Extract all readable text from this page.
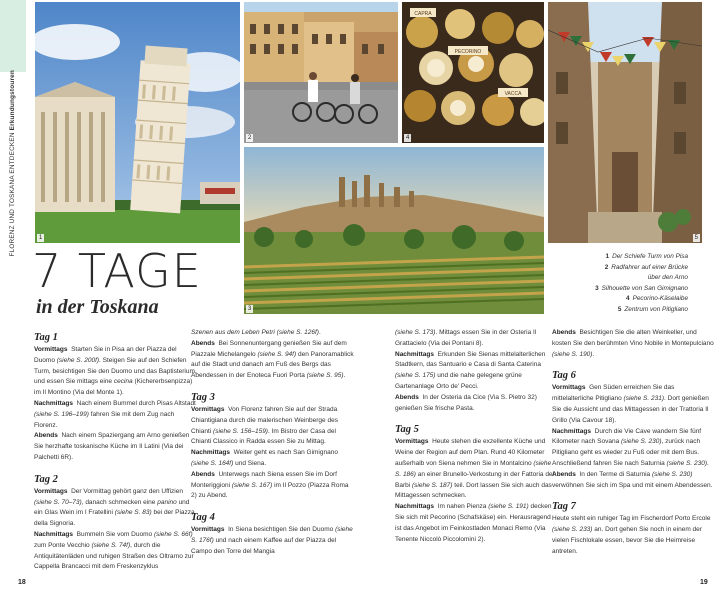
FLORENZ UND TOSKANA ENTDECKEN Erkundungstouren
1
2
3
CAPRA
PECORINO
VACCA
4
5
7 TAGE
in der Toskana
1 Der Schiefe Turm von Pisa
2 Radfahrer auf einer Brücke
über den Arno
3 Silhouette von San Gimignano
4 Pecorino-Käselaibe
5 Zentrum von Pitigliano
Tag 1

Vormittags Starten Sie in Pisa an der Piazza del Duomo (siehe S. 200f). Steigen Sie auf den Schiefen Turm, besichtigen Sie den Duomo und das Baptisterium, und essen Sie mittags eine cecina (Kichererbsenpizza) im Il Montino (Via del Monte 1).

Nachmittags Nach einem Bummel durch Pisas Altstadt (siehe S. 196–199) fahren Sie mit dem Zug nach Florenz.

Abends Nach einem Spaziergang am Arno genießen Sie herzhafte toskanische Küche im Il Latini (Via dei Palchetti 6R).

Tag 2

Vormittags Der Vormittag gehört ganz den Uffizien (siehe S. 70–73), danach schmecken eine panino und ein Glas Wein im I Fratellini (siehe S. 83) bei der Piazza della Signoria.

Nachmittags Bummeln Sie vom Duomo (siehe S. 66f) zum Ponte Vecchio (siehe S. 74f), durch die Antiquitätenläden und ruhigen Straßen des Oltrarno zur Cappella Brancacci mit dem Freskenzyklus

Szenen aus dem Leben Petri (siehe S. 126f).

Abends Bei Sonnenuntergang genießen Sie auf dem Piazzale Michelangelo (siehe S. 94f) den Panoramablick auf die Stadt und danach am Fuß des Bergs das Abendessen in der Enoteca Fuori Porta (siehe S. 95).

Tag 3

Vormittags Von Florenz fahren Sie auf der Strada Chiantigiana durch die malerischen Weinberge des Chianti (siehe S. 156–159). Im Bistro der Casa del Chianti Classico in Radda essen Sie zu Mittag.

Nachmittags Weiter geht es nach San Gimignano (siehe S. 164f) und Siena.

Abends Unterwegs nach Siena essen Sie im Dorf Monteriggioni (siehe S. 167) im Il Pozzo (Piazza Roma 2) zu Abend.

Tag 4

Vormittags In Siena besichtigen Sie den Duomo (siehe S. 176f) und nach einem Kaffee auf der Piazza del Campo den Torre del Mangia

(siehe S. 173). Mittags essen Sie in der Osteria Il Grattacielo (Via dei Pontani 8).

Nachmittags Erkunden Sie Sienas mittelalterlichen Stadtkern, das Santuario e Casa di Santa Caterina (siehe S. 175) und die nahe gelegene grüne Gartenanlage Orto de' Pecci.

Abends In der Osteria da Cice (Via S. Pietro 32) genießen Sie frische Pasta.

Tag 5

Vormittags Heute stehen die exzellente Küche und Weine der Region auf dem Plan. Rund 40 Kilometer außerhalb von Siena nehmen Sie in Montalcino (siehe S. 186) an einer Brunello-Verkostung in der Fattoria dei Barbi (siehe S. 187) teil. Dort lassen Sie sich auch das Mittagessen schmecken.

Nachmittags Im nahen Pienza (siehe S. 191) decken Sie sich mit Pecorino (Schafskäse) ein. Herausragend ist das Angebot im Feinkostladen Monaci Remo (Via Tenente Niccolò Piccolomini 2).

Abends Besichtigen Sie die alten Weinkeller, und kosten Sie den berühmten Vino Nobile in Montepulciano (siehe S. 190).

Tag 6

Vormittags Gen Süden erreichen Sie das mittelalterliche Pitigliano (siehe S. 231). Dort genießen Sie die Aussicht und das Mittagessen in der Trattoria Il Grillo (Via Cavour 18).

Nachmittags Durch die Vie Cave wandern Sie fünf Kilometer nach Sovana (siehe S. 230), zurück nach Pitigliano geht es wieder zu Fuß oder mit dem Bus. Anschließend fahren Sie nach Saturnia (siehe S. 230).

Abends In den Terme di Saturnia (siehe S. 230) verwöhnen Sie sich im Spa und mit einem Abendessen.

Tag 7

Heute steht ein ruhiger Tag im Fischerdorf Porto Ercole (siehe S. 233) an. Dort gehen Sie noch in einem der vielen Fischlokale essen, bevor Sie die Heimreise antreten.

18	19
